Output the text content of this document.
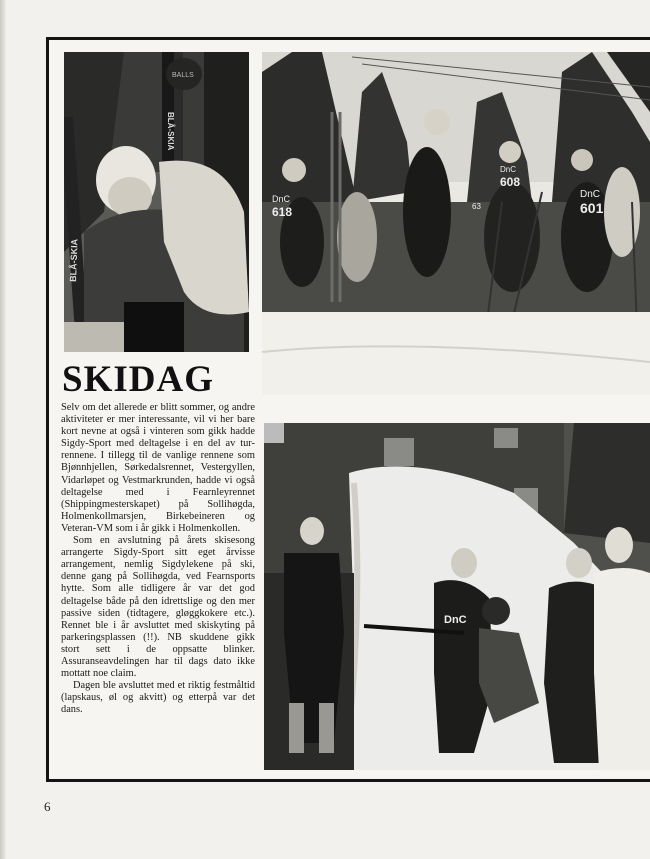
BLÅ-SKIA
BLÅ-SKIA
BALLS
DnC
618
DnC
608
DnC
601
63
DnC
SKIDAG

Selv om det allerede er blitt sommer, og andre aktiviteter er mer interessante, vil vi her bare kort nevne at også i vinteren som gikk hadde Sigdy-Sport med deltagelse i en del av tur-rennene. I tillegg til de vanlige rennene som Bjønnhjellen, Sørkedalsrennet, Vestergyllen, Vidarløpet og Vestmarkrunden, hadde vi også deltagelse med i Fearnleyrennet (Shippingmesterskapet) på Sollihøgda, Holmenkollmarsjen, Birkebeineren og Veteran-VM som i år gikk i Holmenkollen.

Som en avslutning på årets skisesong arrangerte Sigdy-Sport sitt eget årvisse arrangement, nemlig Sigdylekene på ski, denne gang på Sollihøgda, ved Fearnsports hytte. Som alle tidligere år var det god deltagelse både på den idrettslige og den mer passive siden (tidtagere, gløggkokere etc.). Rennet ble i år avsluttet med skiskyting på parkeringsplassen (!!). NB skuddene gikk stort sett i de oppsatte blinker. Assuranseavdelingen har til dags dato ikke mottatt noe claim.

Dagen ble avsluttet med et riktig festmåltid (lapskaus, øl og akvitt) og etterpå var det dans.

6
